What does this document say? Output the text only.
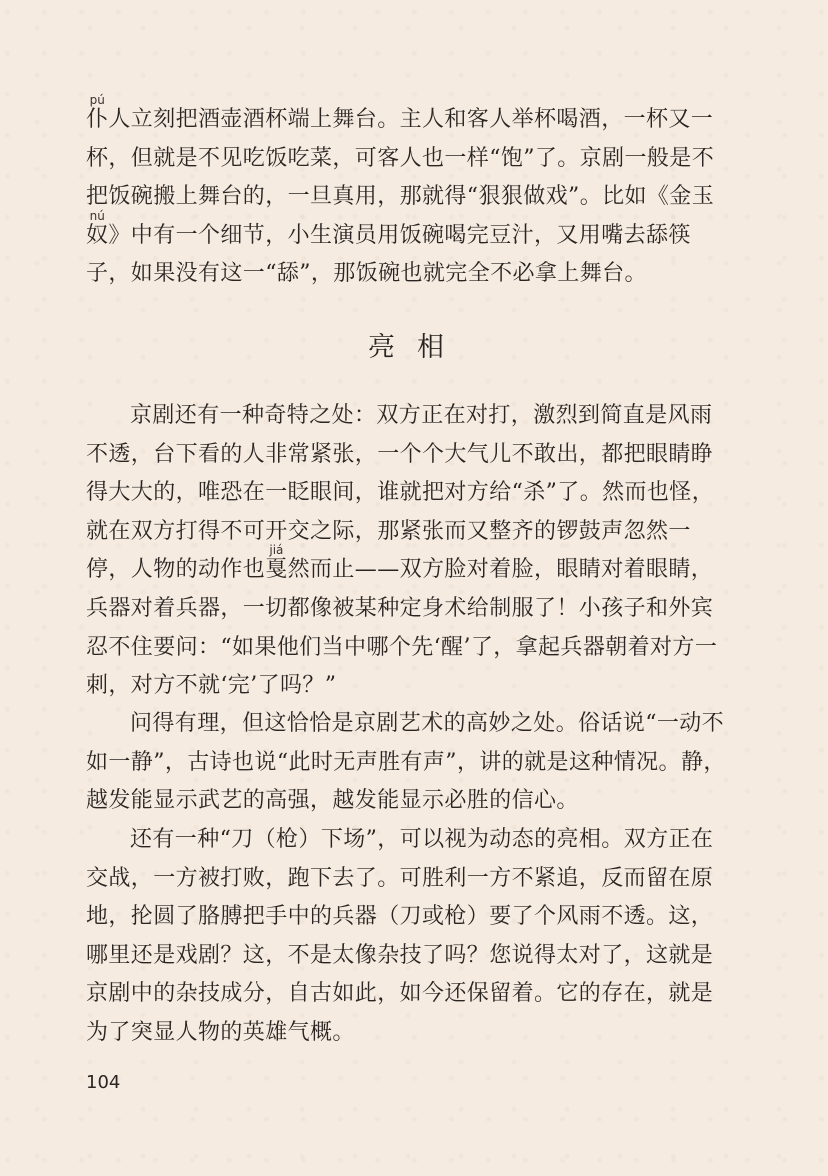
仆pú人立刻把酒壶酒杯端上舞台。主人和客人举杯喝酒，一杯又一杯，但就是不见吃饭吃菜，可客人也一样“饱”了。京剧一般是不把饭碗搬上舞台的，一旦真用，那就得“狠狠做戏”。比如《金玉奴nú》中有一个细节，小生演员用饭碗喝完豆汁，又用嘴去舔筷子，如果没有这一“舔”，那饭碗也就完全不必拿上舞台。

亮相

京剧还有一种奇特之处：双方正在对打，激烈到简直是风雨不透，台下看的人非常紧张，一个个大气儿不敢出，都把眼睛睁得大大的，唯恐在一眨眼间，谁就把对方给“杀”了。然而也怪，就在双方打得不可开交之际，那紧张而又整齐的锣鼓声忽然一停，人物的动作也戛jiá然而止——双方脸对着脸，眼睛对着眼睛，兵器对着兵器，一切都像被某种定身术给制服了！小孩子和外宾忍不住要问：“如果他们当中哪个先‘醒’了，拿起兵器朝着对方一刺，对方不就‘完’了吗？”

问得有理，但这恰恰是京剧艺术的高妙之处。俗话说“一动不如一静”，古诗也说“此时无声胜有声”，讲的就是这种情况。静，越发能显示武艺的高强，越发能显示必胜的信心。

还有一种“刀（枪）下场”，可以视为动态的亮相。双方正在交战，一方被打败，跑下去了。可胜利一方不紧追，反而留在原地，抡圆了胳膊把手中的兵器（刀或枪）要了个风雨不透。这，哪里还是戏剧？这，不是太像杂技了吗？您说得太对了，这就是京剧中的杂技成分，自古如此，如今还保留着。它的存在，就是为了突显人物的英雄气概。

104
